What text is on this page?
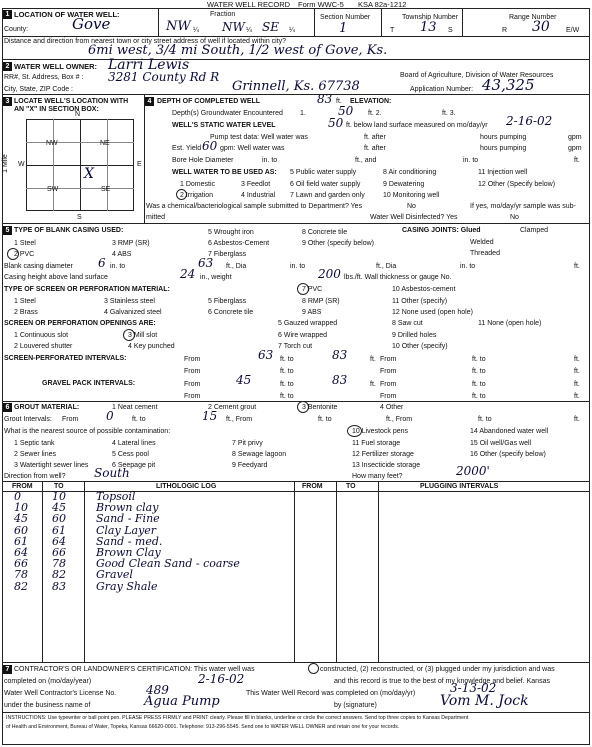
WATER WELL RECORD Form WWC-5 KSA 82a-1212
1 LOCATION OF WATER WELL:
County:	Gove
Fraction
NW ¼ NW ¼ SE ¼
Section Number
1
Township Number
T 13 S
Range Number
R 30 E/W
Distance and direction from nearest town or city street address of well if located within city?
6mi west, 3/4 mi South, 1/2 west of Gove, Ks.
2 WATER WELL OWNER: Larri Lewis
RR#, St. Address, Box # : 3281 County Rd R
City, State, ZIP Code :	Grinnell, Ks. 67738
Board of Agriculture, Division of Water Resources
Application Number: 43,325
3 LOCATE WELL'S LOCATION WITH
AN "X" IN SECTION BOX:
N
NW	NE
SW	SE
W	E
S
1 Mile
X
4 DEPTH OF COMPLETED WELL	83 ft. ELEVATION:
Depth(s) Groundwater Encountered 1.	50 ft. 2.	ft. 3.
WELL'S STATIC WATER LEVEL	50 ft. below land surface measured on mo/day/yr 2-16-02
Pump test data: Well water was	ft. after	hours pumping	gpm
Est. Yield 60 gpm: Well water was	ft. after	hours pumping	gpm
Bore Hole Diameter	in. to	ft., and	in. to	ft.
WELL WATER TO BE USED AS: 5 Public water supply	8 Air conditioning	11 Injection well
1 Domestic	3 Feedlot	6 Oil field water supply	9 Dewatering	12 Other (Specify below)
2 Irrigation	4 Industrial 7 Lawn and garden only	10 Monitoring well
Was a chemical/bacteriological sample submitted to Department? Yes	No	If yes, mo/day/yr sample was sub-
mitted	Water Well Disinfected? Yes	No
5 TYPE OF BLANK CASING USED:	5 Wrought iron	8 Concrete tile	CASING JOINTS: Glued	Clamped
1 Steel	3 RMP (SR)	6 Asbestos-Cement	9 Other (specify below)	Welded
2 PVC	4 ABS	7 Fiberglass	Threaded
Blank casing diameter 6 in. to	63 ft., Dia	in. to	ft., Dia	in. to	ft.
Casing height above land surface	24 in., weight	200 lbs./ft. Wall thickness or gauge No.
TYPE OF SCREEN OR PERFORATION MATERIAL:	7 PVC	10 Asbestos-cement
1 Steel	3 Stainless steel	5 Fiberglass	8 RMP (SR)	11 Other (specify)
2 Brass	4 Galvanized steel	6 Concrete tile	9 ABS	12 None used (open hole)
SCREEN OR PERFORATION OPENINGS ARE:	5 Gauzed wrapped	8 Saw cut	11 None (open hole)
1 Continuous slot	3 Mill slot	6 Wire wrapped	9 Drilled holes
2 Louvered shutter	4 Key punched	7 Torch cut	10 Other (specify)
SCREEN-PERFORATED INTERVALS:	From	63 ft. to	83	ft. From	ft. to	ft.
From	ft. to	From	ft. to	ft.
GRAVEL PACK INTERVALS:	From	45	ft. to	83	ft. From	ft. to	ft.
From	ft. to	From	ft. to	ft.
6 GROUT MATERIAL:	1 Neat cement	2 Cement grout	3 Bentonite	4 Other
Grout Intervals: From 0	ft. to	15 ft., From	ft. to	ft., From	ft. to	ft.
What is the nearest source of possible contamination:	10 Livestock pens	14 Abandoned water well
1 Septic tank	4 Lateral lines	7 Pit privy	11 Fuel storage	15 Oil well/Gas well
2 Sewer lines	5 Cess pool	8 Sewage lagoon	12 Fertilizer storage	16 Other (specify below)
3 Watertight sewer lines	6 Seepage pit	9 Feedyard	13 Insecticide storage
Direction from well? South	How many feet?	2000'
FROM	TO	LITHOLOGIC LOG	FROM	TO	PLUGGING INTERVALS
0	10	Topsoil
10 45	Brown clay
45 60	Sand - Fine
60 61	Clay Layer
61 64	Sand - med.
64 66	Brown Clay
66 78	Good Clean Sand - coarse
78 82	Gravel
82 83	Gray Shale
7 CONTRACTOR'S OR LANDOWNER'S CERTIFICATION: This water well was	constructed, (2) reconstructed, or (3) plugged under my jurisdiction and was
completed on (mo/day/year)	2-16-02	and this record is true to the best of my knowledge and belief. Kansas
Water Well Contractor's License No. 489	This Water Well Record was completed on (mo/day/yr)	3-13-02
under the business name of	Agua Pump	by (signature)	Vom M. Jock
INSTRUCTIONS: Use typewriter or ball point pen. PLEASE PRESS FIRMLY and PRINT clearly. Please fill in blanks, underline or circle the correct answers. Send top three copies to Kansas Department
of Health and Environment, Bureau of Water, Topeka, Kansas 66620-0001. Telephone: 913-296-5545. Send one to WATER WELL OWNER and retain one for your records.
